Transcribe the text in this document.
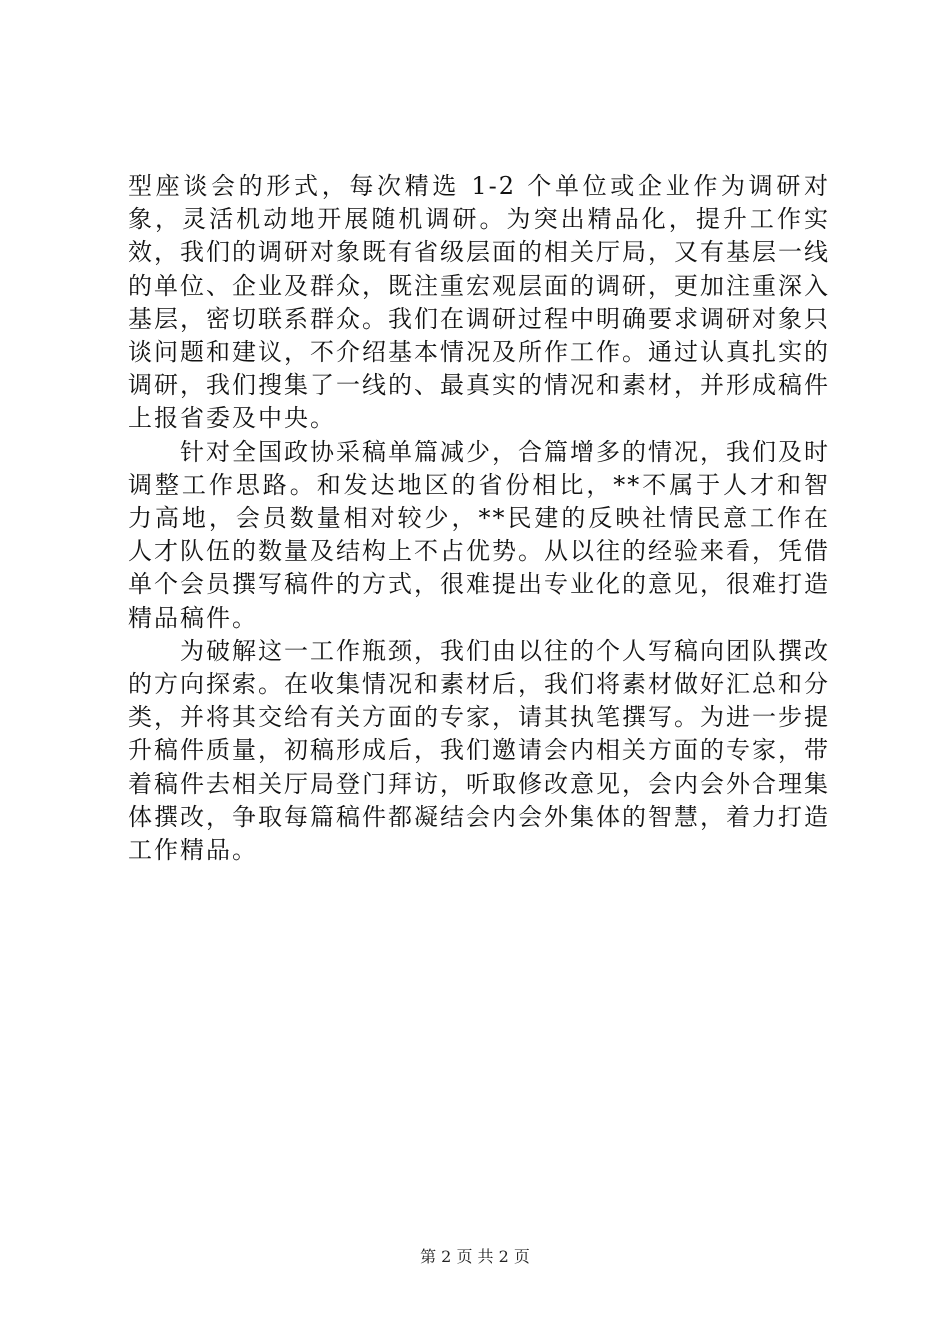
型座谈会的形式，每次精选 1-2 个单位或企业作为调研对象，灵活机动地开展随机调研。为突出精品化，提升工作实效，我们的调研对象既有省级层面的相关厅局，又有基层一线的单位、企业及群众，既注重宏观层面的调研，更加注重深入基层，密切联系群众。我们在调研过程中明确要求调研对象只谈问题和建议，不介绍基本情况及所作工作。通过认真扎实的调研，我们搜集了一线的、最真实的情况和素材，并形成稿件上报省委及中央。

针对全国政协采稿单篇减少，合篇增多的情况，我们及时调整工作思路。和发达地区的省份相比，**不属于人才和智力高地，会员数量相对较少，**民建的反映社情民意工作在人才队伍的数量及结构上不占优势。从以往的经验来看，凭借单个会员撰写稿件的方式，很难提出专业化的意见，很难打造精品稿件。

为破解这一工作瓶颈，我们由以往的个人写稿向团队撰改的方向探索。在收集情况和素材后，我们将素材做好汇总和分类，并将其交给有关方面的专家，请其执笔撰写。为进一步提升稿件质量，初稿形成后，我们邀请会内相关方面的专家，带着稿件去相关厅局登门拜访，听取修改意见，会内会外合理集体撰改，争取每篇稿件都凝结会内会外集体的智慧，着力打造工作精品。

第 2 页 共 2 页
